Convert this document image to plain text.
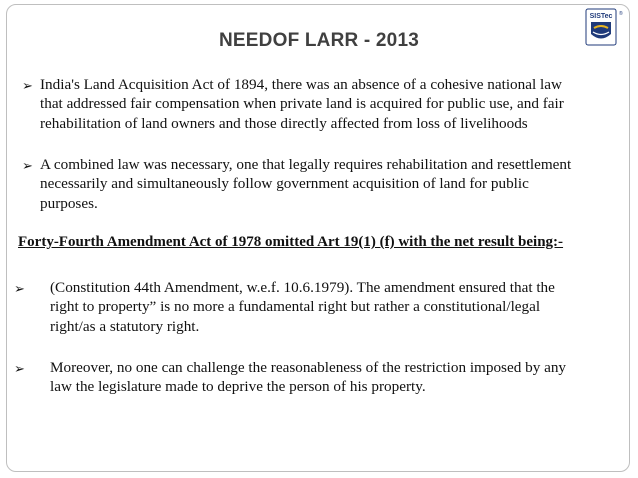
NEEDOF LARR - 2013
SISTec ®
➢ India's Land Acquisition Act of 1894, there was an absence of a cohesive national law
that addressed fair compensation when private land is acquired for public use, and fair
rehabilitation of land owners and those directly affected from loss of livelihoods
➢ A combined law was necessary, one that legally requires rehabilitation and resettlement
necessarily and simultaneously follow government acquisition of land for public
purposes.
Forty-Fourth Amendment Act of 1978 omitted Art 19(1) (f) with the net result being:-
➢ (Constitution 44th Amendment, w.e.f. 10.6.1979). The amendment ensured that the
right to property” is no more a fundamental right but rather a constitutional/legal
right/as a statutory right.
➢ Moreover, no one can challenge the reasonableness of the restriction imposed by any
law the legislature made to deprive the person of his property.
